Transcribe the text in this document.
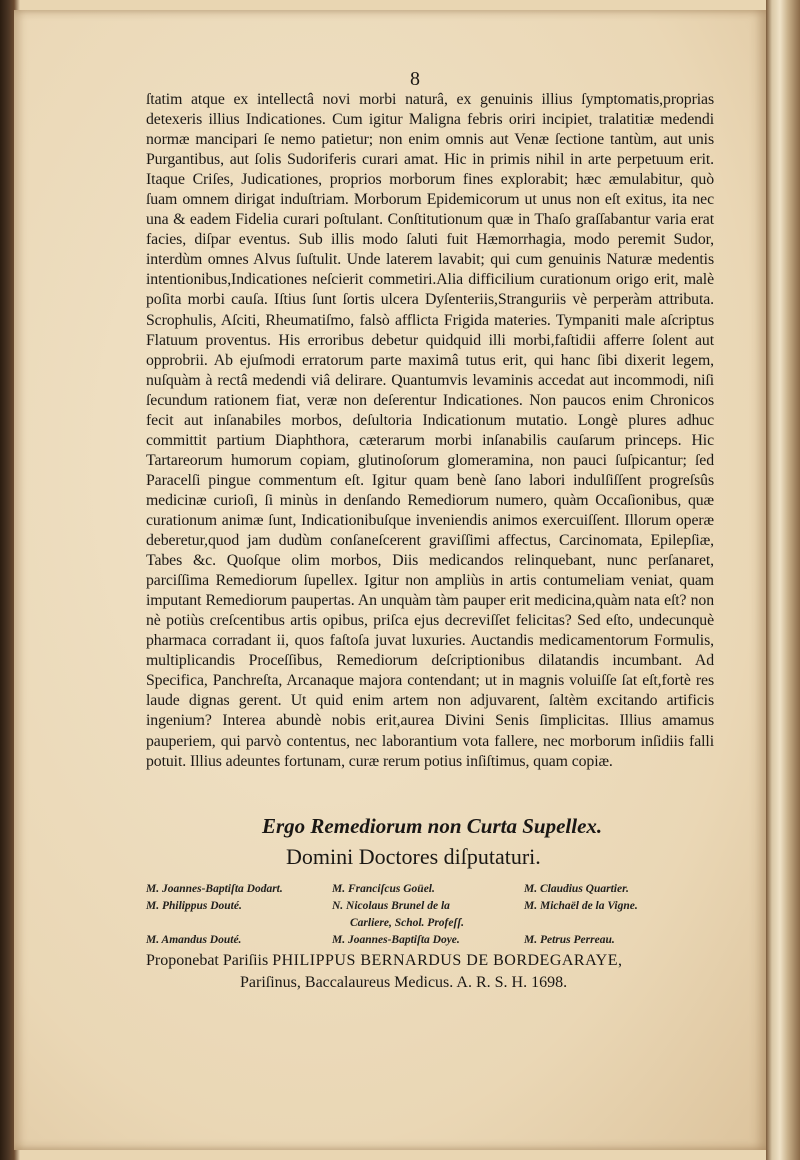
8

ſtatim atque ex intellectâ novi morbi naturâ, ex genuinis illius ſymptomatis,proprias detexeris illius Indicationes. Cum igitur Maligna febris oriri incipiet, tralatitiæ medendi normæ mancipari ſe nemo patietur; non enim omnis aut Venæ ſectione tantùm, aut unis Purgantibus, aut ſolis Sudoriferis curari amat. Hic in primis nihil in arte perpetuum erit. Itaque Criſes, Judicationes, proprios morborum fines explorabit; hæc æmulabitur, quò ſuam omnem dirigat induſtriam. Morborum Epidemicorum ut unus non eſt exitus, ita nec una & eadem Fidelia curari poſtulant. Conſtitutionum quæ in Thaſo graſſabantur varia erat facies, diſpar eventus. Sub illis modo ſaluti fuit Hæmorrhagia, modo peremit Sudor, interdùm omnes Alvus ſuſtulit. Unde laterem lavabit; qui cum genuinis Naturæ medentis intentionibus,Indicationes neſcierit commetiri.Alia difficilium curationum origo erit, malè poſita morbi cauſa. Iſtius ſunt ſortis ulcera Dyſenteriis,Stranguriis vè perperàm attributa. Scrophulis, Aſciti, Rheumatiſmo, falsò afflicta Frigida materies. Tympaniti male aſcriptus Flatuum proventus. His erroribus debetur quidquid illi morbi,faſtidii afferre ſolent aut opprobrii. Ab ejuſmodi erratorum parte maximâ tutus erit, qui hanc ſibi dixerit legem, nuſquàm à rectâ medendi viâ delirare. Quantumvis levaminis accedat aut incommodi, niſi ſecundum rationem fiat, veræ non deſerentur Indicationes. Non paucos enim Chronicos fecit aut inſanabiles morbos, deſultoria Indicationum mutatio. Longè plures adhuc committit partium Diaphthora, cæterarum morbi inſanabilis cauſarum princeps. Hic Tartareorum humorum copiam, glutinoſorum glomeramina, non pauci ſuſpicantur; ſed Paracelſi pingue commentum eſt. Igitur quam benè ſano labori indulſiſſent progreſsûs medicinæ curioſi, ſi minùs in denſando Remediorum numero, quàm Occaſionibus, quæ curationum animæ ſunt, Indicationibuſque inveniendis animos exercuiſſent. Illorum operæ deberetur,quod jam dudùm conſaneſcerent graviſſimi affectus, Carcinomata, Epilepſiæ, Tabes &c. Quoſque olim morbos, Diis medicandos relinquebant, nunc perſanaret, parciſſima Remediorum ſupellex. Igitur non ampliùs in artis contumeliam veniat, quam imputant Remediorum paupertas. An unquàm tàm pauper erit medicina,quàm nata eſt? non nè potiùs creſcentibus artis opibus, priſca ejus decreviſſet felicitas? Sed eſto, undecunquè pharmaca corradant ii, quos faſtoſa juvat luxuries. Auctandis medicamentorum Formulis, multiplicandis Proceſſibus, Remediorum deſcriptionibus dilatandis incumbant. Ad Specifica, Panchreſta, Arcanaque majora contendant; ut in magnis voluiſſe ſat eſt,fortè res laude dignas gerent. Ut quid enim artem non adjuvarent, ſaltèm excitando artificis ingenium? Interea abundè nobis erit,aurea Divini Senis ſimplicitas. Illius amamus pauperiem, qui parvò contentus, nec laborantium vota fallere, nec morborum inſidiis falli potuit. Illius adeuntes fortunam, curæ rerum potius inſiſtimus, quam copiæ.

Ergo Remediorum non Curta Supellex.
Domini Doctores diſputaturi.
M. Joannes-Baptiſta Dodart.
M. Philippus Douté.
M. Amandus Douté.
M. Franciſcus Goüel.
N. Nicolaus Brunel de la
Carliere, Schol. Profeſſ.
M. Joannes-Baptiſta Doye.
M. Claudius Quartier.
M. Michaël de la Vigne.
M. Petrus Perreau.
Proponebat Pariſiis PHILIPPUS BERNARDUS DE BORDEGARAYE,
Pariſinus, Baccalaureus Medicus. A. R. S. H. 1698.
